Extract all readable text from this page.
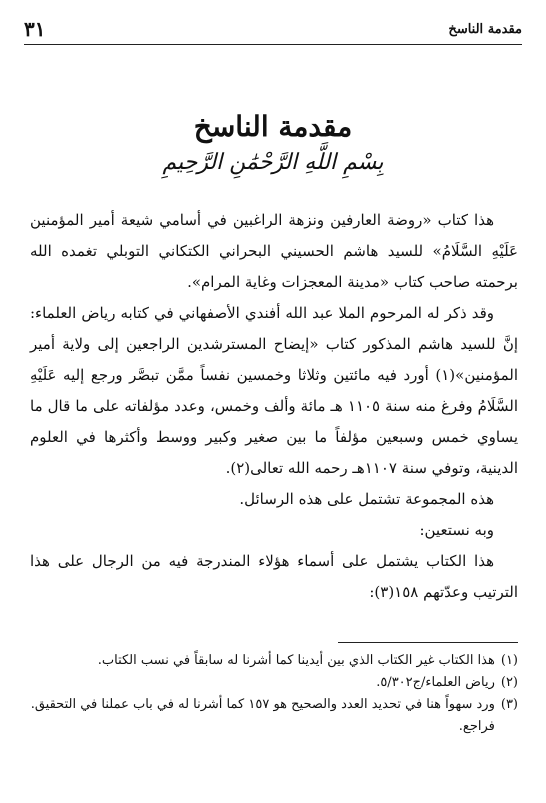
٣١	مقدمة الناسخ
مقدمة الناسخ
بِسْمِ اللَّهِ الرَّحْمَٰنِ الرَّحِيمِ

هذا كتاب «روضة العارفين ونزهة الراغبين في أسامي شيعة أمير المؤمنين عَلَيْهِ السَّلَامُ» للسيد هاشم الحسيني البحراني الكتكاني التوبلي تغمده الله برحمته صاحب كتاب «مدينة المعجزات وغاية المرام».

وقد ذكر له المرحوم الملا عبد الله أفندي الأصفهاني في كتابه رياض العلماء: إنَّ للسيد هاشم المذكور كتاب «إيضاح المسترشدين الراجعين إلى ولاية أمير المؤمنين»(١) أورد فيه مائتين وثلاثا وخمسين نفساً ممَّن تبصَّر ورجع إليه عَلَيْهِ السَّلَامُ وفرغ منه سنة ١١٠٥ هـ مائة وألف وخمس، وعدد مؤلفاته على ما قال ما يساوي خمس وسبعين مؤلفاً ما بين صغير وكبير ووسط وأكثرها في العلوم الدينية، وتوفي سنة ١١٠٧هـ رحمه الله تعالى(٢).

هذه المجموعة تشتمل على هذه الرسائل.

وبه نستعين:

هذا الكتاب يشتمل على أسماء هؤلاء المندرجة فيه من الرجال على هذا الترتيب وعدّتهم ١٥٨(٣):

(١)
هذا الكتاب غير الكتاب الذي بين أيدينا كما أشرنا له سابقاً في نسب الكتاب.
(٢)
رياض العلماء/ج٥/٣٠٢.
(٣)
ورد سهواً هنا في تحديد العدد والصحيح هو ١٥٧ كما أشرنا له في باب عملنا في التحقيق. فراجع.
